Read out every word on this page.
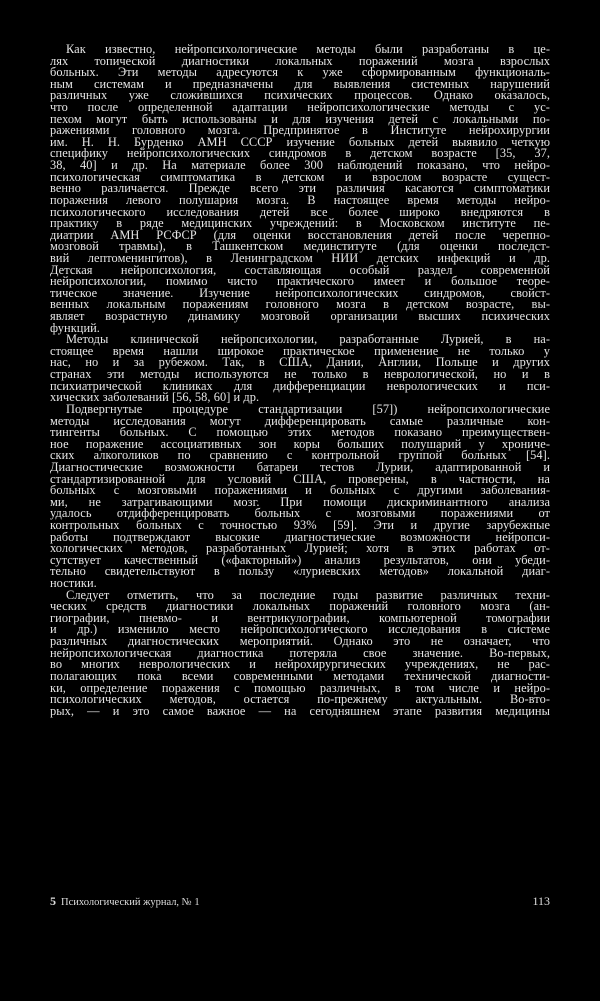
Как известно, нейропсихологические методы были разработаны в це-
лях топической диагностики локальных поражений мозга взрослых
больных. Эти методы адресуются к уже сформированным функциональ-
ным системам и предназначены для выявления системных нарушений
различных уже сложившихся психических процессов. Однако оказалось,
что после определенной адаптации нейропсихологические методы с ус-
пехом могут быть использованы и для изучения детей с локальными по-
ражениями головного мозга. Предпринятое в Институте нейрохирургии
им. Н. Н. Бурденко АМН СССР изучение больных детей выявило четкую
специфику нейропсихологических синдромов в детском возрасте [35, 37,
38, 40] и др. На материале более 300 наблюдений показано, что нейро-
психологическая симптоматика в детском и взрослом возрасте сущест-
венно различается. Прежде всего эти различия касаются симптоматики
поражения левого полушария мозга. В настоящее время методы нейро-
психологического исследования детей все более широко внедряются в
практику в ряде медицинских учреждений: в Московском институте пе-
диатрии АМН РСФСР (для оценки восстановления детей после черепно-
мозговой травмы), в Ташкентском мединституте (для оценки последст-
вий лептоменингитов), в Ленинградском НИИ детских инфекций и др.
Детская нейропсихология, составляющая особый раздел современной
нейропсихологии, помимо чисто практического имеет и большое теоре-
тическое значение. Изучение нейропсихологических синдромов, свойст-
венных локальным поражениям головного мозга в детском возрасте, вы-
являет возрастную динамику мозговой организации высших психических
функций.
Методы клинической нейропсихологии, разработанные Лурией, в на-
стоящее время нашли широкое практическое применение не только у
нас, но и за рубежом. Так, в США, Дании, Англии, Польше и других
странах эти методы используются не только в неврологической, но и в
психиатрической клиниках для дифференциации неврологических и пси-
хических заболеваний [56, 58, 60] и др.
Подвергнутые процедуре стандартизации [57]) нейропсихологические
методы исследования могут дифференцировать самые различные кон-
тингенты больных. С помощью этих методов показано преимуществен-
ное поражение ассоциативных зон коры больших полушарий у хрониче-
ских алкоголиков по сравнению с контрольной группой больных [54].
Диагностические возможности батареи тестов Лурии, адаптированной и
стандартизированной для условий США, проверены, в частности, на
больных с мозговыми поражениями и больных с другими заболевания-
ми, не затрагивающими мозг. При помощи дискриминантного анализа
удалось отдифференцировать больных с мозговыми поражениями от
контрольных больных с точностью 93% [59]. Эти и другие зарубежные
работы подтверждают высокие диагностические возможности нейропси-
хологических методов, разработанных Лурией; хотя в этих работах от-
сутствует качественный («факторный») анализ результатов, они убеди-
тельно свидетельствуют в пользу «луриевских методов» локальной диаг-
ностики.
Следует отметить, что за последние годы развитие различных техни-
ческих средств диагностики локальных поражений головного мозга (ан-
гиографии, пневмо- и вентрикулографии, компьютерной томографии
и др.) изменило место нейропсихологического исследования в системе
различных диагностических мероприятий. Однако это не означает, что
нейропсихологическая диагностика потеряла свое значение. Во-первых,
во многих неврологических и нейрохирургических учреждениях, не рас-
полагающих пока всеми современными методами технической диагности-
ки, определение поражения с помощью различных, в том числе и нейро-
психологических методов, остается по-прежнему актуальным. Во-вто-
рых, — и это самое важное — на сегодняшнем этапе развития медицины
5 Психологический журнал, № 1	113
